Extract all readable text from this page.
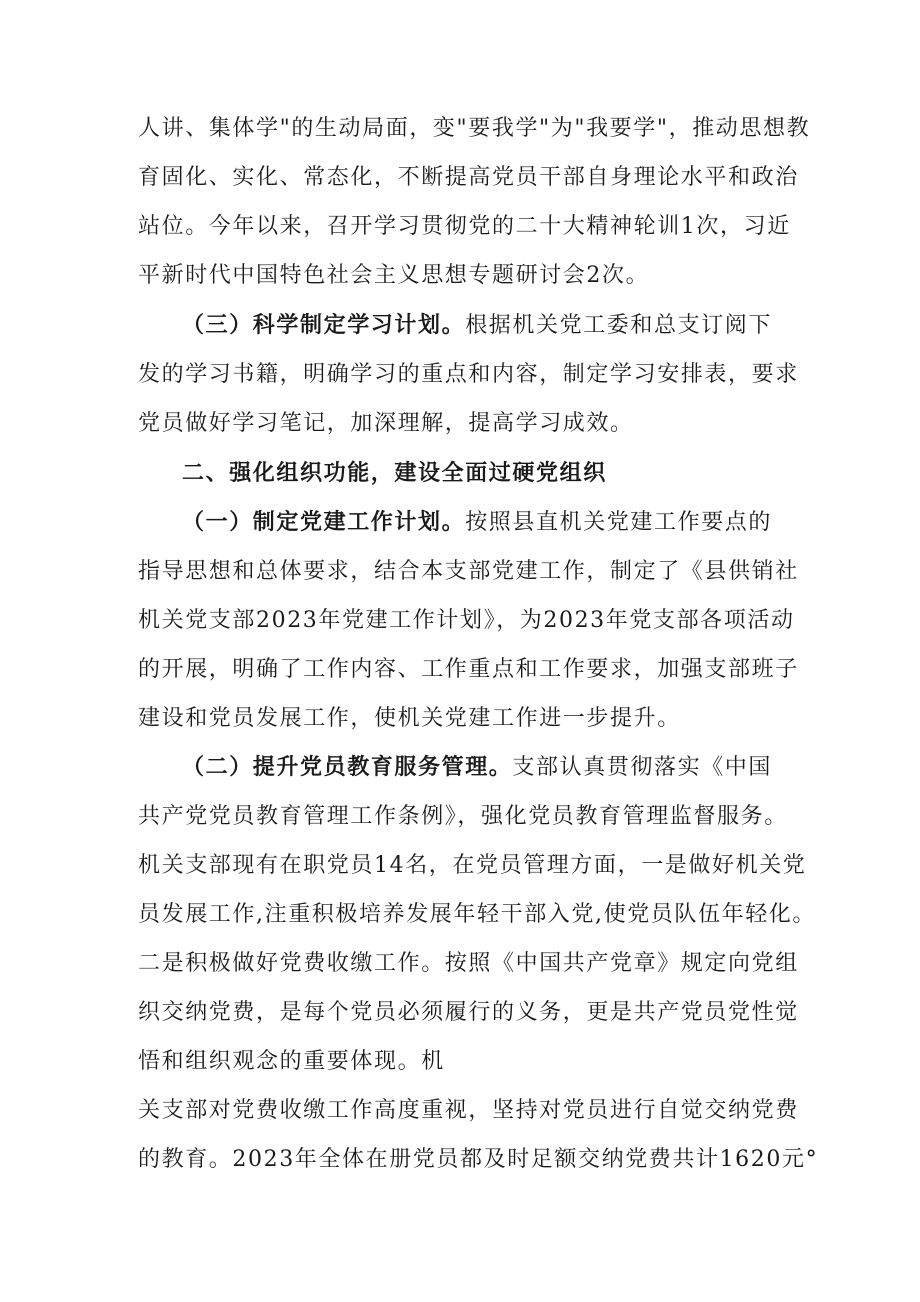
人讲、集体学"的生动局面，变"要我学"为"我要学"，推动思想教
育固化、实化、常态化，不断提高党员干部自身理论水平和政治
站位。今年以来，召开学习贯彻党的二十大精神轮训1次，习近
平新时代中国特色社会主义思想专题研讨会2次。
（三）科学制定学习计划。根据机关党工委和总支订阅下
发的学习书籍，明确学习的重点和内容，制定学习安排表，要求
党员做好学习笔记，加深理解，提高学习成效。
二、强化组织功能，建设全面过硬党组织
（一）制定党建工作计划。按照县直机关党建工作要点的
指导思想和总体要求，结合本支部党建工作，制定了《县供销社
机关党支部2023年党建工作计划》，为2023年党支部各项活动
的开展，明确了工作内容、工作重点和工作要求，加强支部班子
建设和党员发展工作，使机关党建工作进一步提升。
（二）提升党员教育服务管理。支部认真贯彻落实《中国
共产党党员教育管理工作条例》，强化党员教育管理监督服务。
机关支部现有在职党员14名，在党员管理方面，一是做好机关党
员发展工作,注重积极培养发展年轻干部入党,使党员队伍年轻化。
二是积极做好党费收缴工作。按照《中国共产党章》规定向党组
织交纳党费，是每个党员必须履行的义务，更是共产党员党性觉
悟和组织观念的重要体现。机
关支部对党费收缴工作高度重视，坚持对党员进行自觉交纳党费
的教育。2023年全体在册党员都及时足额交纳党费共计1620元°
